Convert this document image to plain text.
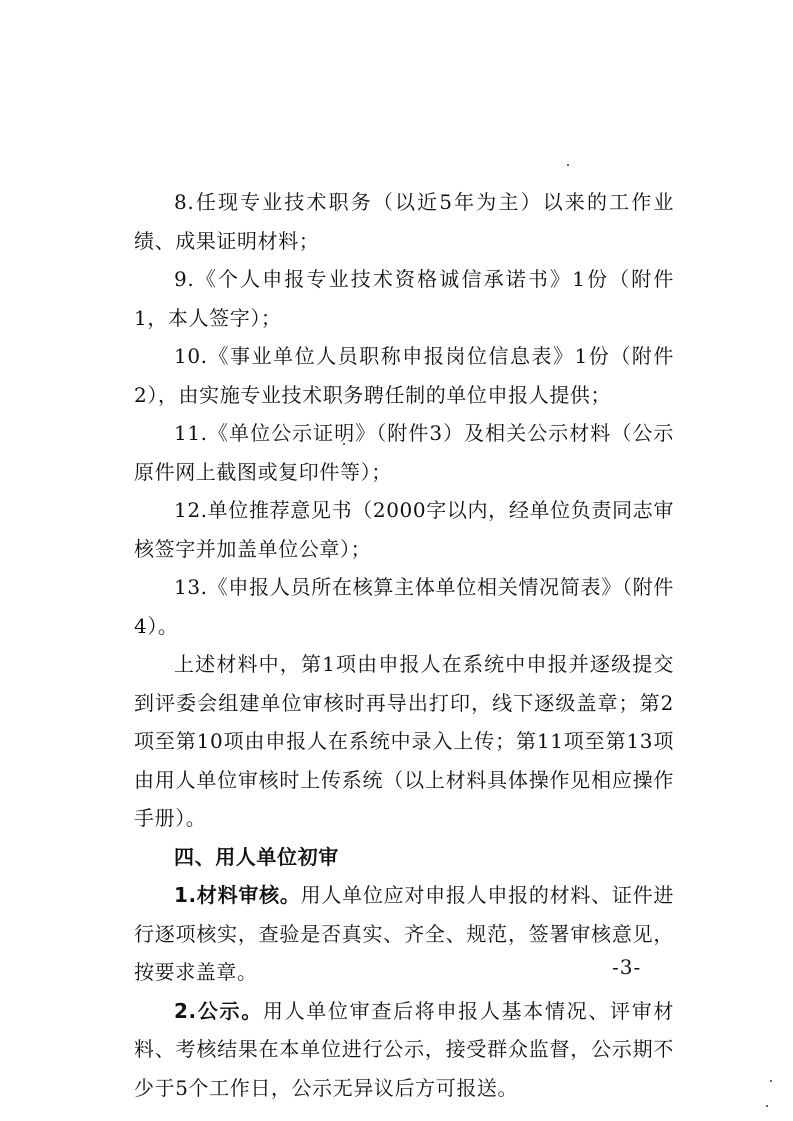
8.任现专业技术职务（以近5年为主）以来的工作业绩、成果证明材料；

9.《个人申报专业技术资格诚信承诺书》1份（附件1，本人签字）；

10.《事业单位人员职称申报岗位信息表》1份（附件2），由实施专业技术职务聘任制的单位申报人提供；

11.《单位公示证明》（附件3）及相关公示材料（公示原件网上截图或复印件等）；

12.单位推荐意见书（2000字以内，经单位负责同志审核签字并加盖单位公章）；

13.《申报人员所在核算主体单位相关情况简表》（附件4）。

上述材料中，第1项由申报人在系统中申报并逐级提交到评委会组建单位审核时再导出打印，线下逐级盖章；第2项至第10项由申报人在系统中录入上传；第11项至第13项由用人单位审核时上传系统（以上材料具体操作见相应操作手册）。

四、用人单位初审

1.材料审核。用人单位应对申报人申报的材料、证件进行逐项核实，查验是否真实、齐全、规范，签署审核意见，按要求盖章。

2.公示。用人单位审查后将申报人基本情况、评审材料、考核结果在本单位进行公示，接受群众监督，公示期不少于5个工作日，公示无异议后方可报送。

-3-
